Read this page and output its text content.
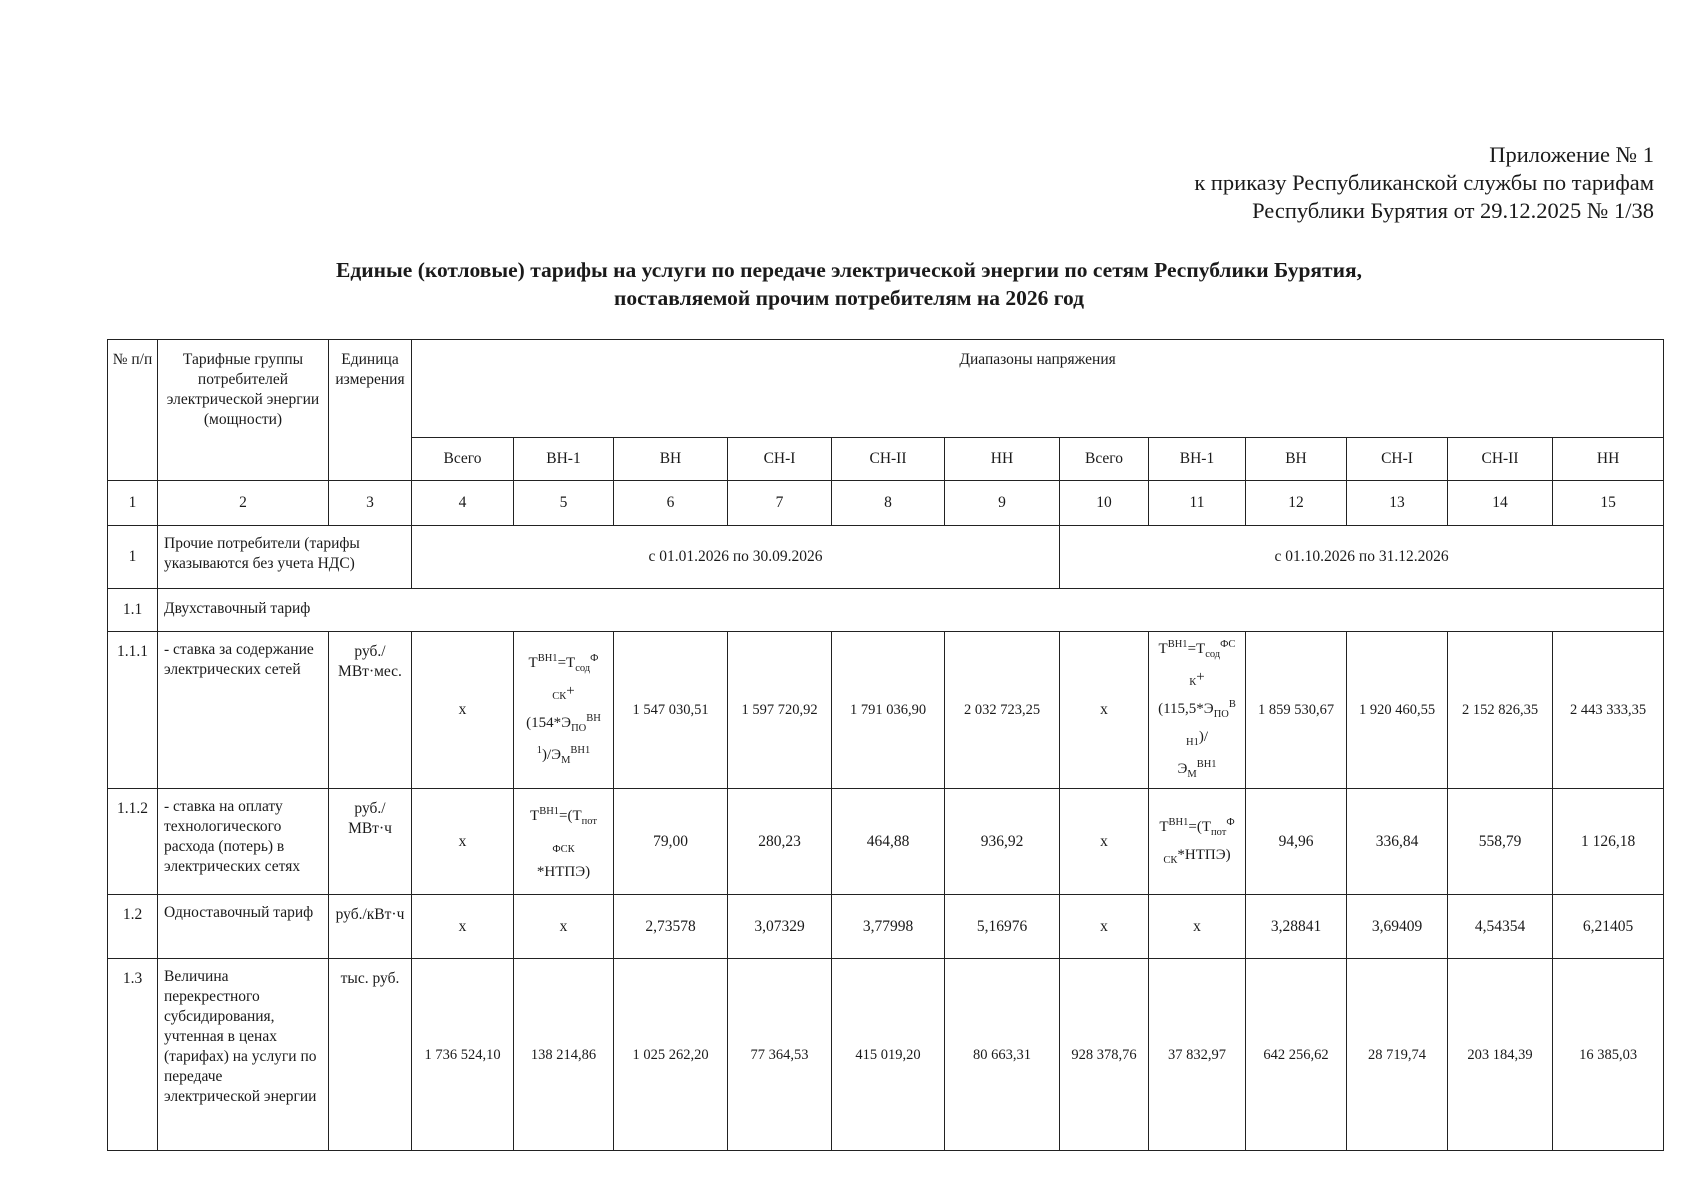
Приложение № 1
к приказу Республиканской службы по тарифам
Республики Бурятия от 29.12.2025 № 1/38
Единые (котловые) тарифы на услуги по передаче электрической энергии по сетям Республики Бурятия,
поставляемой прочим потребителям на 2026 год
№ п/п	Тарифные группы потребителей электрической энергии (мощности)	Единица измерения	Диапазоны напряжения											
			Всего	ВН-1	ВН	СН-I	СН-II	НН	Всего	ВН-1	ВН	СН-I	СН-II	НН
1	2	3	4	5	6	7	8	9	10	11	12	13	14	15
1	Прочие потребители (тарифы указываются без учета НДС)		с 01.01.2026 по 30.09.2026						с 01.10.2026 по 31.12.2026					
1.1	Двухставочный тариф													
1.1.1	- ставка за содержание электрических сетей	руб./МВт·мес.	х	$Т^{ВН1}=Т_{сод}^Ф$
$_{СК}$+
($154*Э_{ПО}^{ВН}$
$^1)/Э_М^{ВН1}$	1 547 030,51	1 597 720,92	1 791 036,90	2 032 723,25	х	$Т^{ВН1}=Т_{сод}^{ФС}$
$_К$+
($115,5*Э_{ПО}^В$
$_{Н1}$)/
$Э_М^{ВН1}$	1 859 530,67	1 920 460,55	2 152 826,35	2 443 333,35
1.1.2	- ставка на оплату технологического расхода (потерь) в электрических сетях	руб./МВт·ч	х	$Т^{ВН1}=(Т_{пот}$
$_{ФСК}$
*НТПЭ)	79,00	280,23	464,88	936,92	х	$Т^{ВН1}=(Т_{пот}^Ф$
$_{СК}$*НТПЭ)	94,96	336,84	558,79	1 126,18
1.2	Одноставочный тариф	руб./кВт·ч	х	х	2,73578	3,07329	3,77998	5,16976	х	х	3,28841	3,69409	4,54354	6,21405
1.3	Величина перекрестного субсидирования, учтенная в ценах (тарифах) на услуги по передаче электрической энергии	тыс. руб.	1 736 524,10	138 214,86	1 025 262,20	77 364,53	415 019,20	80 663,31	928 378,76	37 832,97	642 256,62	28 719,74	203 184,39	16 385,03
